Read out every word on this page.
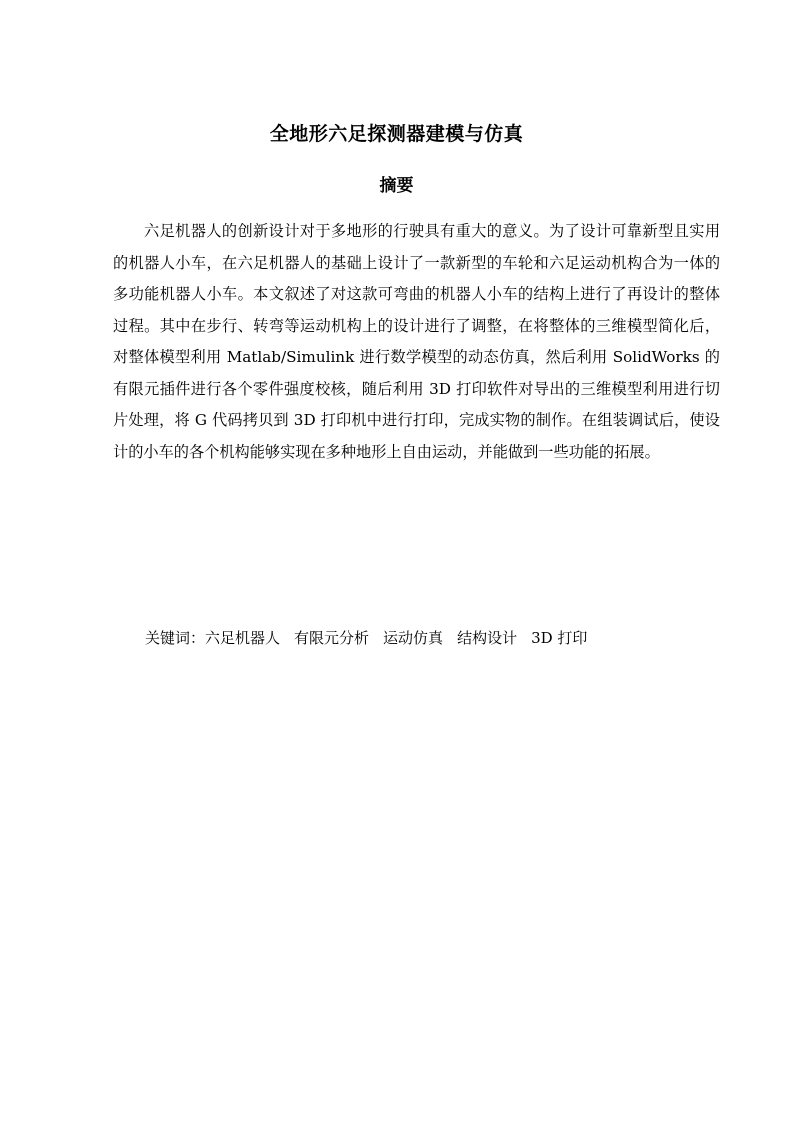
全地形六足探测器建模与仿真
摘要

六足机器人的创新设计对于多地形的行驶具有重大的意义。为了设计可靠新型且实用的机器人小车，在六足机器人的基础上设计了一款新型的车轮和六足运动机构合为一体的多功能机器人小车。本文叙述了对这款可弯曲的机器人小车的结构上进行了再设计的整体过程。其中在步行、转弯等运动机构上的设计进行了调整，在将整体的三维模型简化后，对整体模型利用 Matlab/Simulink 进行数学模型的动态仿真，然后利用 SolidWorks 的有限元插件进行各个零件强度校核，随后利用 3D 打印软件对导出的三维模型利用进行切片处理，将 G 代码拷贝到 3D 打印机中进行打印，完成实物的制作。在组装调试后，使设计的小车的各个机构能够实现在多种地形上自由运动，并能做到一些功能的拓展。

关键词：六足机器人 有限元分析 运动仿真 结构设计 3D 打印
